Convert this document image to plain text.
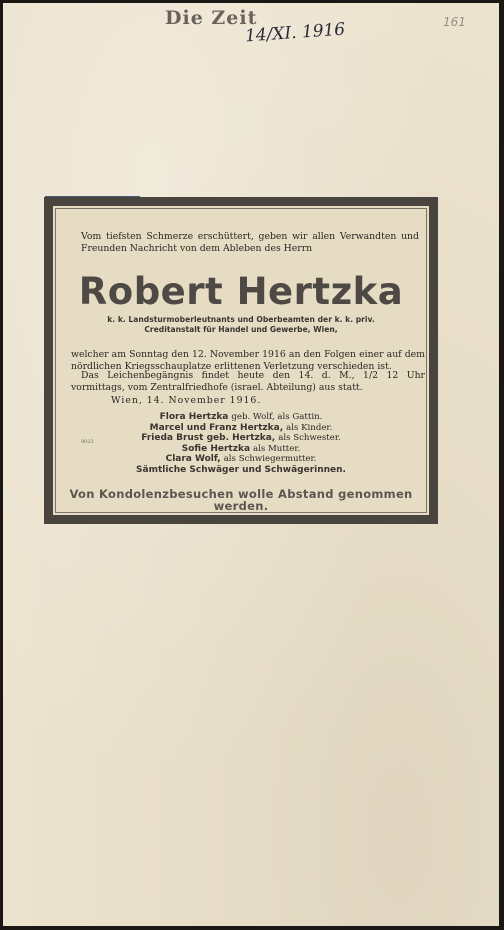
Die Zeit
14/XI. 1916	161
Vom tiefsten Schmerze erschüttert, geben wir allen Verwandten und Freunden Nachricht von dem Ableben des Herrn
Robert Hertzka
k. k. Landsturmoberleutnants und Oberbeamten der k. k. priv.
Creditanstalt für Handel und Gewerbe, Wien,
welcher am Sonntag den 12. November 1916 an den Folgen einer auf dem nördlichen Kriegsschauplatze erlittenen Verletzung verschieden ist.
Das Leichenbegängnis findet heute den 14. d. M., 1/2 12 Uhr vormittags, vom Zentralfriedhofe (israel. Abteilung) aus statt.
Wien, 14. November 1916.
Flora Hertzka geb. Wolf, als Gattin.
Marcel und Franz Hertzka, als Kinder.
Frieda Brust geb. Hertzka, als Schwester.
Sofie Hertzka als Mutter.
Clara Wolf, als Schwiegermutter.
Sämtliche Schwäger und Schwägerinnen.
9023
Von Kondolenzbesuchen wolle Abstand genommen werden.
